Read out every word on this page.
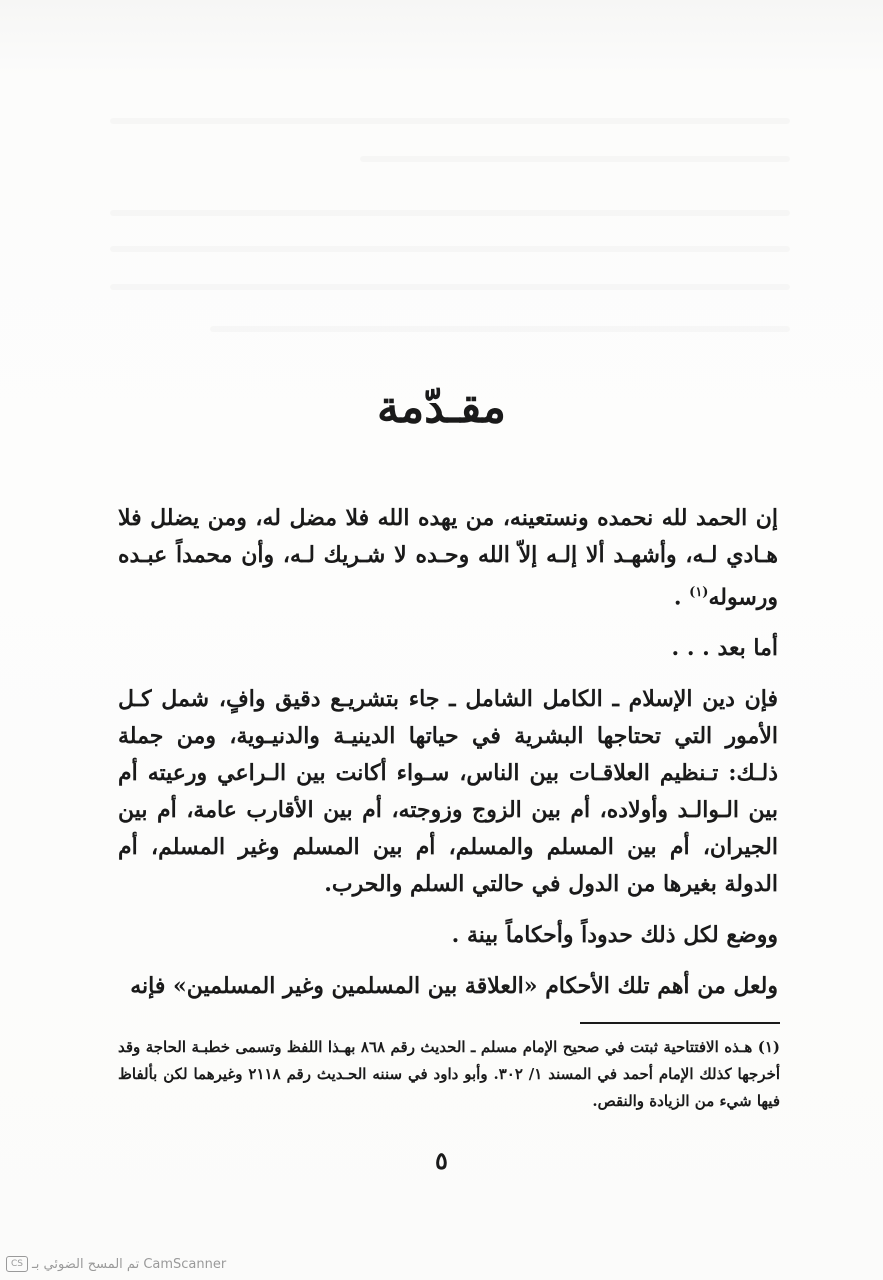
مقـدّمة

إن الحمد لله نحمده ونستعينه، من يهده الله فلا مضل له، ومن يضلل فلا هـادي لـه، وأشهـد ألا إلـه إلاّ الله وحـده لا شـريك لـه، وأن محمداً عبـده ورسوله$^{(١)}$ .

أما بعد . . .

فإن دين الإسلام ـ الكامل الشامل ـ جاء بتشريـع دقيق وافٍ، شمل كـل الأمور التي تحتاجها البشرية في حياتها الدينيـة والدنيـوية، ومن جملة ذلـك: تـنظيم العلاقـات بين الناس، سـواء أكانت بين الـراعي ورعيته أم بين الـوالـد وأولاده، أم بين الزوج وزوجته، أم بين الأقارب عامة، أم بين الجيران، أم بين المسلم والمسلم، أم بين المسلم وغير المسلم، أم الدولة بغيرها من الدول في حالتي السلم والحرب.

ووضع لكل ذلك حدوداً وأحكاماً بينة .

ولعل من أهم تلك الأحكام «العلاقة بين المسلمين وغير المسلمين» فإنه

(١) هـذه الافتتاحية ثبتت في صحيح الإمام مسلم ـ الحديث رقم ٨٦٨ بهـذا اللفظ وتسمى خطبـة الحاجة وقد أخرجها كذلك الإمام أحمد في المسند ١/ ٣٠٢. وأبو داود في سننه الحـديث رقم ٢١١٨ وغيرهما لكن بألفاظ فيها شيء من الزيادة والنقص.
٥
CS تم المسح الضوئي بـ CamScanner
